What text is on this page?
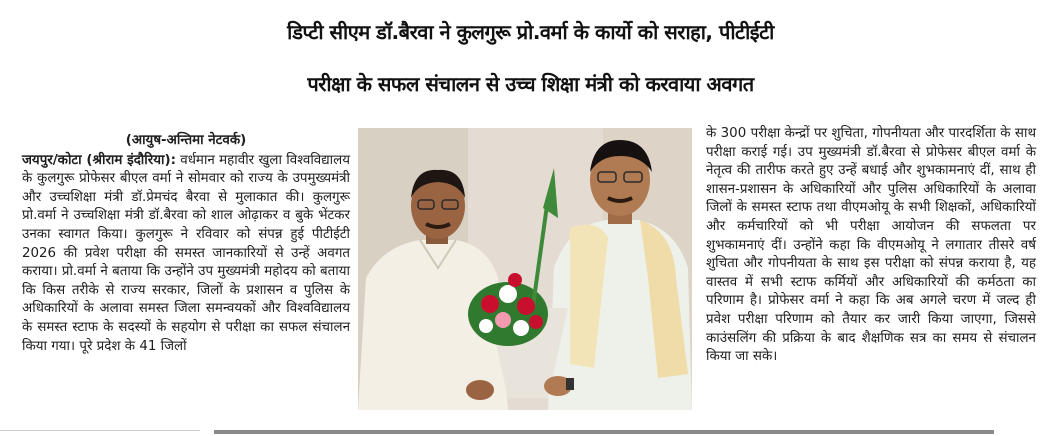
डिप्टी सीएम डॉ.बैरवा ने कुलगुरू प्रो.वर्मा के कार्यो को सराहा, पीटीईटी
परीक्षा के सफल संचालन से उच्च शिक्षा मंत्री को करवाया अवगत
(आयुष-अन्तिमा नेटवर्क)
जयपुर/कोटा (श्रीराम इंदौरिया): वर्धमान महावीर खुला विश्वविद्यालय के कुलगुरू प्रोफेसर बीएल वर्मा ने सोमवार को राज्य के उपमुख्यमंत्री और उच्चशिक्षा मंत्री डॉ.प्रेमचंद बैरवा से मुलाकात की। कुलगुरू प्रो.वर्मा ने उच्चशिक्षा मंत्री डॉ.बैरवा को शाल ओढ़ाकर व बुके भेंटकर उनका स्वागत किया। कुलगुरू ने रविवार को संपन्न हुई पीटीईटी 2026 की प्रवेश परीक्षा की समस्त जानकारियों से उन्हें अवगत कराया। प्रो.वर्मा ने बताया कि उन्होंने उप मुख्यमंत्री महोदय को बताया कि किस तरीके से राज्य सरकार, जिलों के प्रशासन व पुलिस के अधिकारियों के अलावा समस्त जिला समन्वयकों और विश्वविद्यालय के समस्त स्टाफ के सदस्यों के सहयोग से परीक्षा का सफल संचालन किया गया। पूरे प्रदेश के 41 जिलों
के 300 परीक्षा केन्द्रों पर शुचिता, गोपनीयता और पारदर्शिता के साथ परीक्षा कराई गई। उप मुख्यमंत्री डॉ.बैरवा से प्रोफेसर बीएल वर्मा के नेतृत्व की तारीफ करते हुए उन्हें बधाई और शुभकामनाएं दीं, साथ ही शासन-प्रशासन के अधिकारियों और पुलिस अधिकारियों के अलावा जिलों के समस्त स्टाफ तथा वीएमओयू के सभी शिक्षकों, अधिकारियों और कर्मचारियों को भी परीक्षा आयोजन की सफलता पर शुभकामनाएं दीं। उन्होंने कहा कि वीएमओयू ने लगातार तीसरे वर्ष शुचिता और गोपनीयता के साथ इस परीक्षा को संपन्न कराया है, यह वास्तव में सभी स्टाफ कर्मियों और अधिकारियों की कर्मठता का परिणाम है। प्रोफेसर वर्मा ने कहा कि अब अगले चरण में जल्द ही प्रवेश परीक्षा परिणाम को तैयार कर जारी किया जाएगा, जिससे काउंसलिंग की प्रक्रिया के बाद शैक्षणिक सत्र का समय से संचालन किया जा सके।
